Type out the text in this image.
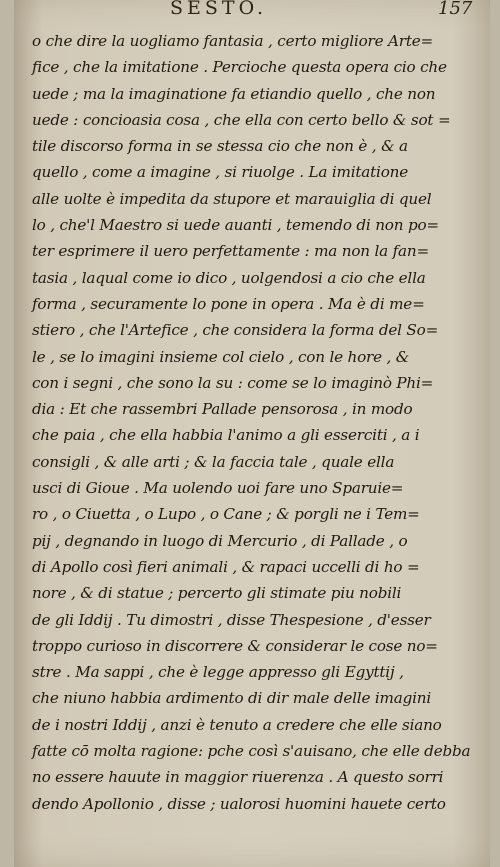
SESTO.	157
o che dire la uogliamo fantasia , certo migliore Arte=
fice , che la imitatione . Percioche questa opera cio che
uede ; ma la imaginatione fa etiandio quello , che non
uede : concioasia cosa , che ella con certo bello & sot =
tile discorso forma in se stessa cio che non è , & a
quello , come a imagine , si riuolge . La imitatione
alle uolte è impedita da stupore et marauiglia di quel
lo , che'l Maestro si uede auanti , temendo di non po=
ter esprimere il uero perfettamente : ma non la fan=
tasia , laqual come io dico , uolgendosi a cio che ella
forma , securamente lo pone in opera . Ma è di me=
stiero , che l'Artefice , che considera la forma del So=
le , se lo imagini insieme col cielo , con le hore , &
con i segni , che sono la su : come se lo imaginò Phi=
dia : Et che rassembri Pallade pensorosa , in modo
che paia , che ella habbia l'animo a gli esserciti , a i
consigli , & alle arti ; & la faccia tale , quale ella
usci di Gioue . Ma uolendo uoi fare uno Sparuie=
ro , o Ciuetta , o Lupo , o Cane ; & porgli ne i Tem=
pij , degnando in luogo di Mercurio , di Pallade , o
di Apollo così fieri animali , & rapaci uccelli di ho =
nore , & di statue ; percerto gli stimate piu nobili
de gli Iddij . Tu dimostri , disse Thespesione , d'esser
troppo curioso in discorrere & considerar le cose no=
stre . Ma sappi , che è legge appresso gli Egyttij ,
che niuno habbia ardimento di dir male delle imagini
de i nostri Iddij , anzi è tenuto a credere che elle siano
fatte cō molta ragione: pche così s'auisano, che elle debba
no essere hauute in maggior riuerenza . A questo sorri
dendo Apollonio , disse ; ualorosi huomini hauete certo
